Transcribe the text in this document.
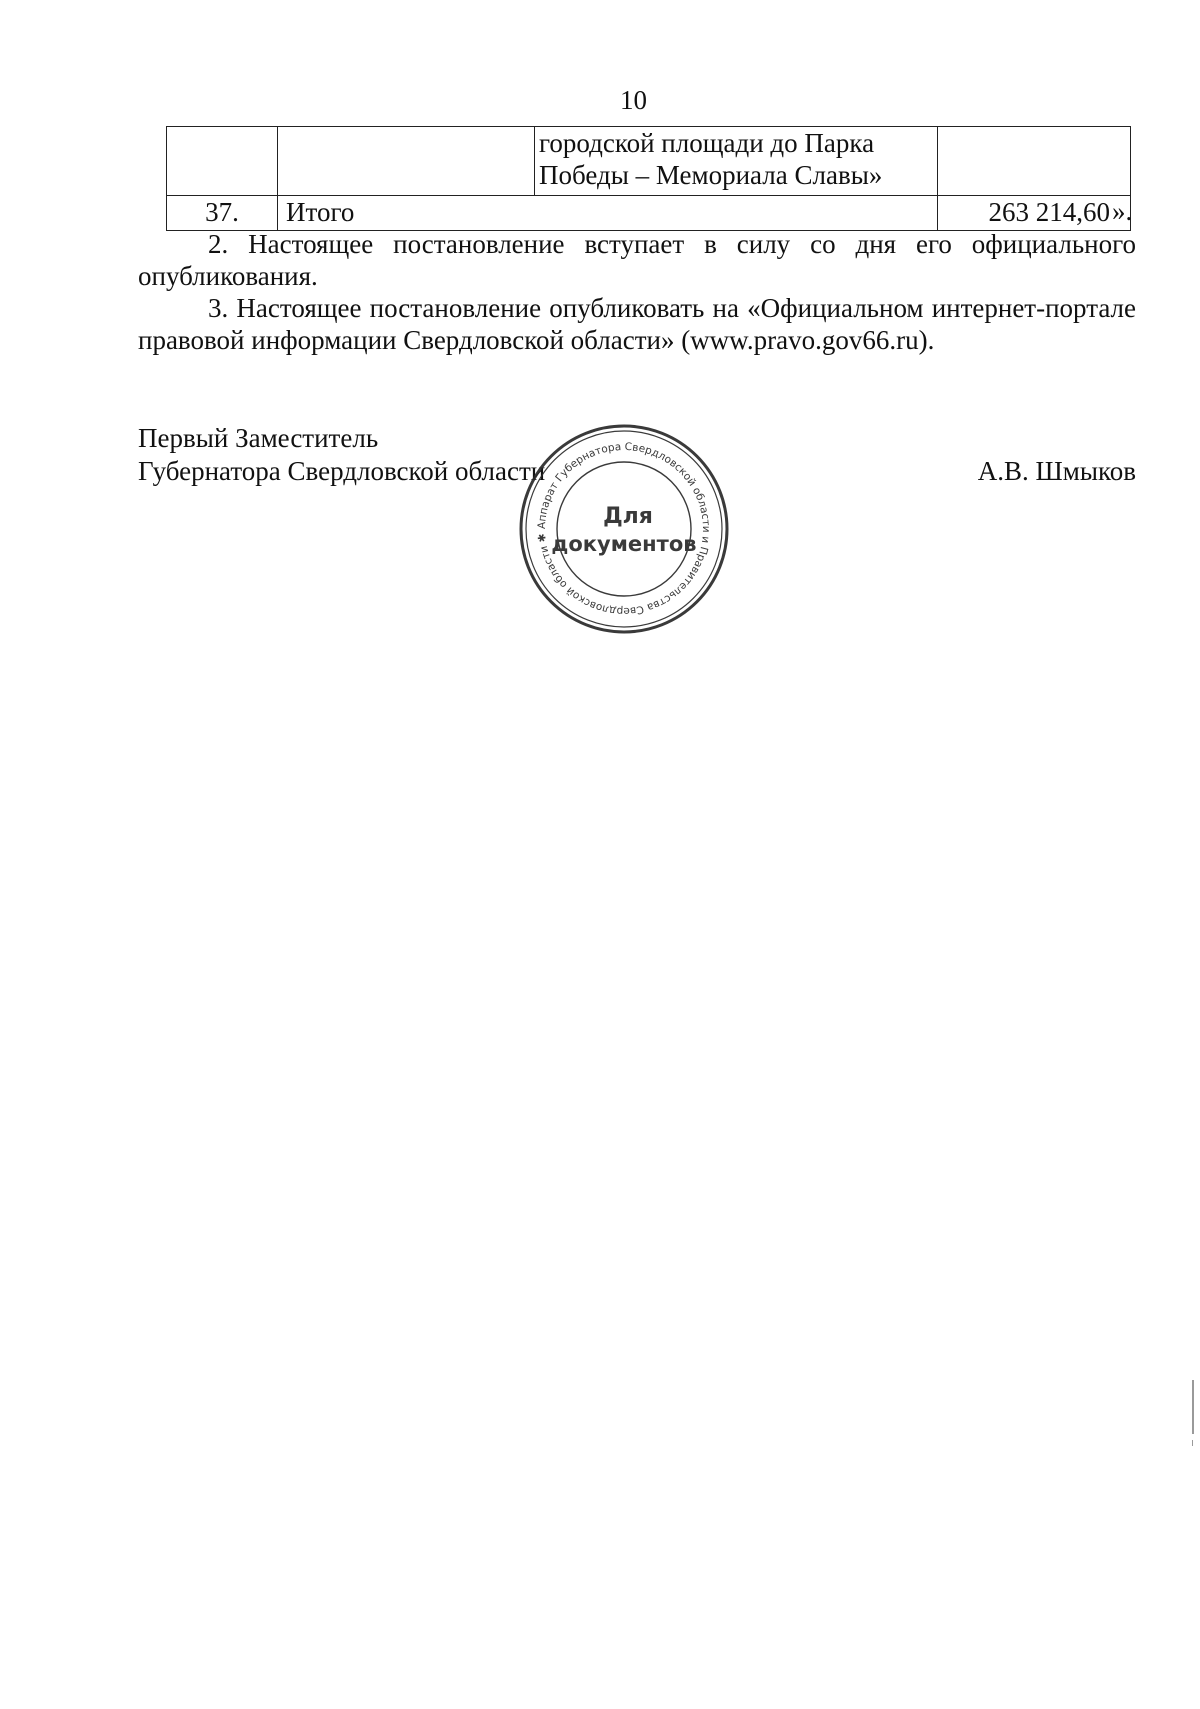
10

		городской площади до Парка
Победы – Мемориала Славы»	

37.	Итого		263 214,60 ».
2. Настоящее постановление вступает в силу со дня его официального опубликования.
3. Настоящее постановление опубликовать на «Официальном интернет-портале правовой информации Свердловской области» (www.pravo.gov66.ru).
Первый Заместитель
Губернатора Свердловской области	А.В. Шмыков
Аппарат Губернатора Свердловской области и Правительства Свердловской области ✱
Для
документов
